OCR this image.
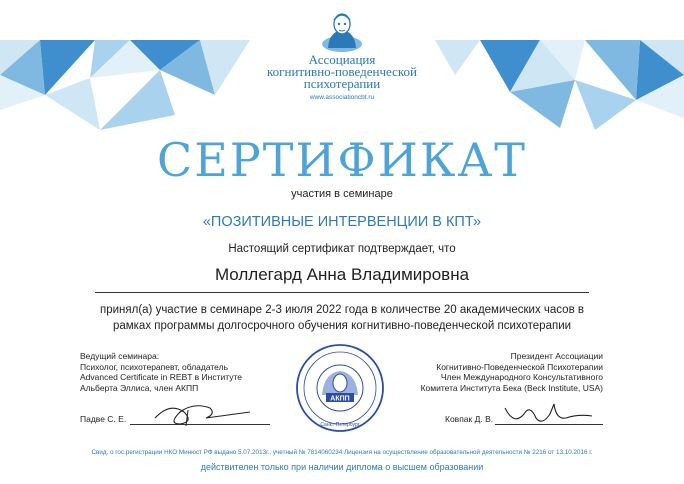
Ассоциация
когнитивно-поведенческой
психотерапии
www.associationcbt.ru
СЕРТИФИКАТ
участия в семинаре
«ПОЗИТИВНЫЕ ИНТЕРВЕНЦИИ В КПТ»
Настоящий сертификат подтверждает, что
Моллегард Анна Владимировна
принял(а) участие в семинаре 2-3 июля 2022 года в количестве 20 академических часов в
рамках программы долгосрочного обучения когнитивно-поведенческой психотерапии
Ведущий семинара:
Психолог, психотерапевт, обладатель
Advanced Certificate in REBT в Институте
Альберта Эллиса, член АКПП
Падве С. Е.
Президент Ассоциации
Когнитивно-Поведенческой Психотерапии
Член Международного Консультативного
Комитета Института Бека (Beck Institute, USA)
Ковпак Д. В.
АКПП
Санкт-Петербург
Свид. о гос.регистрации НКО Минюст РФ выдано 5.07.2013г., учетный № 7814060234 Лицензия на осуществление образовательной деятельности № 2216 от 13.10.2016 г.
действителен только при наличии диплома о высшем образовании
